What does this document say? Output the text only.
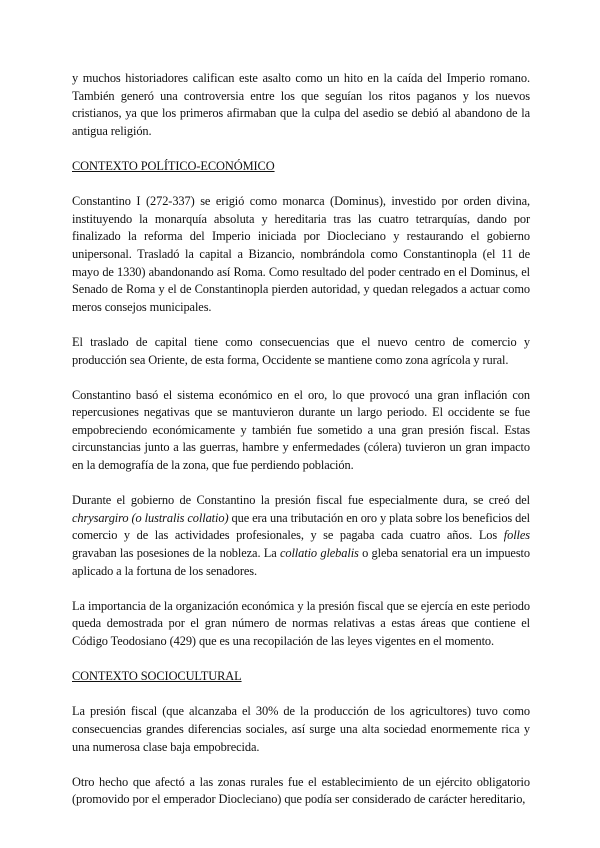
y muchos historiadores califican este asalto como un hito en la caída del Imperio romano. También generó una controversia entre los que seguían los ritos paganos y los nuevos cristianos, ya que los primeros afirmaban que la culpa del asedio se debió al abandono de la antigua religión.

CONTEXTO POLÍTICO-ECONÓMICO

Constantino I (272-337) se erigió como monarca (Dominus), investido por orden divina, instituyendo la monarquía absoluta y hereditaria tras las cuatro tetrarquías, dando por finalizado la reforma del Imperio iniciada por Diocleciano y restaurando el gobierno unipersonal. Trasladó la capital a Bizancio, nombrándola como Constantinopla (el 11 de mayo de 1330) abandonando así Roma. Como resultado del poder centrado en el Dominus, el Senado de Roma y el de Constantinopla pierden autoridad, y quedan relegados a actuar como meros consejos municipales.

El traslado de capital tiene como consecuencias que el nuevo centro de comercio y producción sea Oriente, de esta forma, Occidente se mantiene como zona agrícola y rural.

Constantino basó el sistema económico en el oro, lo que provocó una gran inflación con repercusiones negativas que se mantuvieron durante un largo periodo. El occidente se fue empobreciendo económicamente y también fue sometido a una gran presión fiscal. Estas circunstancias junto a las guerras, hambre y enfermedades (cólera) tuvieron un gran impacto en la demografía de la zona, que fue perdiendo población.

Durante el gobierno de Constantino la presión fiscal fue especialmente dura, se creó del chrysargiro (o lustralis collatio) que era una tributación en oro y plata sobre los beneficios del comercio y de las actividades profesionales, y se pagaba cada cuatro años. Los folles gravaban las posesiones de la nobleza. La collatio glebalis o gleba senatorial era un impuesto aplicado a la fortuna de los senadores.

La importancia de la organización económica y la presión fiscal que se ejercía en este periodo queda demostrada por el gran número de normas relativas a estas áreas que contiene el Código Teodosiano (429) que es una recopilación de las leyes vigentes en el momento.

CONTEXTO SOCIOCULTURAL

La presión fiscal (que alcanzaba el 30% de la producción de los agricultores) tuvo como consecuencias grandes diferencias sociales, así surge una alta sociedad enormemente rica y una numerosa clase baja empobrecida.

Otro hecho que afectó a las zonas rurales fue el establecimiento de un ejército obligatorio (promovido por el emperador Diocleciano) que podía ser considerado de carácter hereditario,
